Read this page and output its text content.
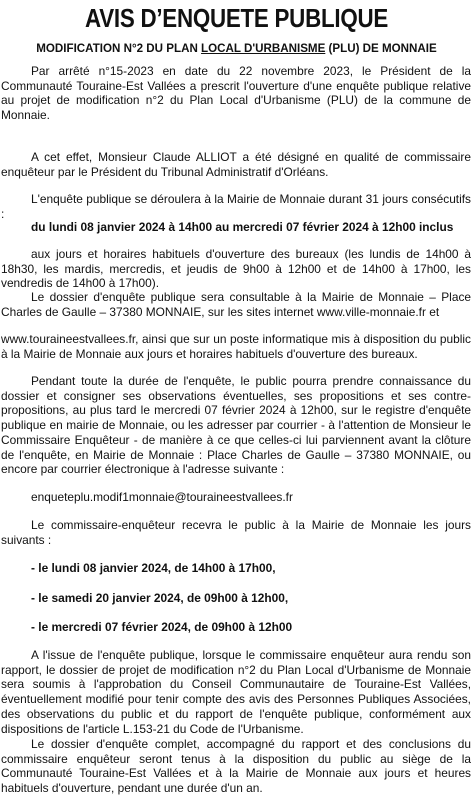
AVIS D’ENQUETE PUBLIQUE
MODIFICATION N°2 DU PLAN LOCAL D'URBANISME (PLU) DE MONNAIE

Par arrêté n°15-2023 en date du 22 novembre 2023, le Président de la Communauté Touraine-Est Vallées a prescrit l'ouverture d'une enquête publique relative au projet de modification n°2 du Plan Local d'Urbanisme (PLU) de la commune de Monnaie.

A cet effet, Monsieur Claude ALLIOT a été désigné en qualité de commissaire enquêteur par le Président du Tribunal Administratif d'Orléans.

L'enquête publique se déroulera à la Mairie de Monnaie durant 31 jours consécutifs :

du lundi 08 janvier 2024 à 14h00 au mercredi 07 février 2024 à 12h00 inclus

aux jours et horaires habituels d'ouverture des bureaux (les lundis de 14h00 à 18h30, les mardis, mercredis, et jeudis de 9h00 à 12h00 et de 14h00 à 17h00, les vendredis de 14h00 à 17h00).

Le dossier d'enquête publique sera consultable à la Mairie de Monnaie – Place Charles de Gaulle – 37380 MONNAIE, sur les sites internet www.ville-monnaie.fr et

www.touraineestvallees.fr, ainsi que sur un poste informatique mis à disposition du public à la Mairie de Monnaie aux jours et horaires habituels d'ouverture des bureaux.

Pendant toute la durée de l'enquête, le public pourra prendre connaissance du dossier et consigner ses observations éventuelles, ses propositions et ses contre-propositions, au plus tard le mercredi 07 février 2024 à 12h00, sur le registre d'enquête publique en mairie de Monnaie, ou les adresser par courrier - à l'attention de Monsieur le Commissaire Enquêteur - de manière à ce que celles-ci lui parviennent avant la clôture de l'enquête, en Mairie de Monnaie : Place Charles de Gaulle – 37380 MONNAIE, ou encore par courrier électronique à l'adresse suivante :

enqueteplu.modif1monnaie@touraineestvallees.fr

Le commissaire-enquêteur recevra le public à la Mairie de Monnaie les jours suivants :

- le lundi 08 janvier 2024, de 14h00 à 17h00,

- le samedi 20 janvier 2024, de 09h00 à 12h00,

- le mercredi 07 février 2024, de 09h00 à 12h00

A l'issue de l'enquête publique, lorsque le commissaire enquêteur aura rendu son rapport, le dossier de projet de modification n°2 du Plan Local d'Urbanisme de Monnaie sera soumis à l'approbation du Conseil Communautaire de Touraine-Est Vallées, éventuellement modifié pour tenir compte des avis des Personnes Publiques Associées, des observations du public et du rapport de l'enquête publique, conformément aux dispositions de l'article L.153-21 du Code de l'Urbanisme.

Le dossier d'enquête complet, accompagné du rapport et des conclusions du commissaire enquêteur seront tenus à la disposition du public au siège de la Communauté Touraine-Est Vallées et à la Mairie de Monnaie aux jours et heures habituels d'ouverture, pendant une durée d'un an.
